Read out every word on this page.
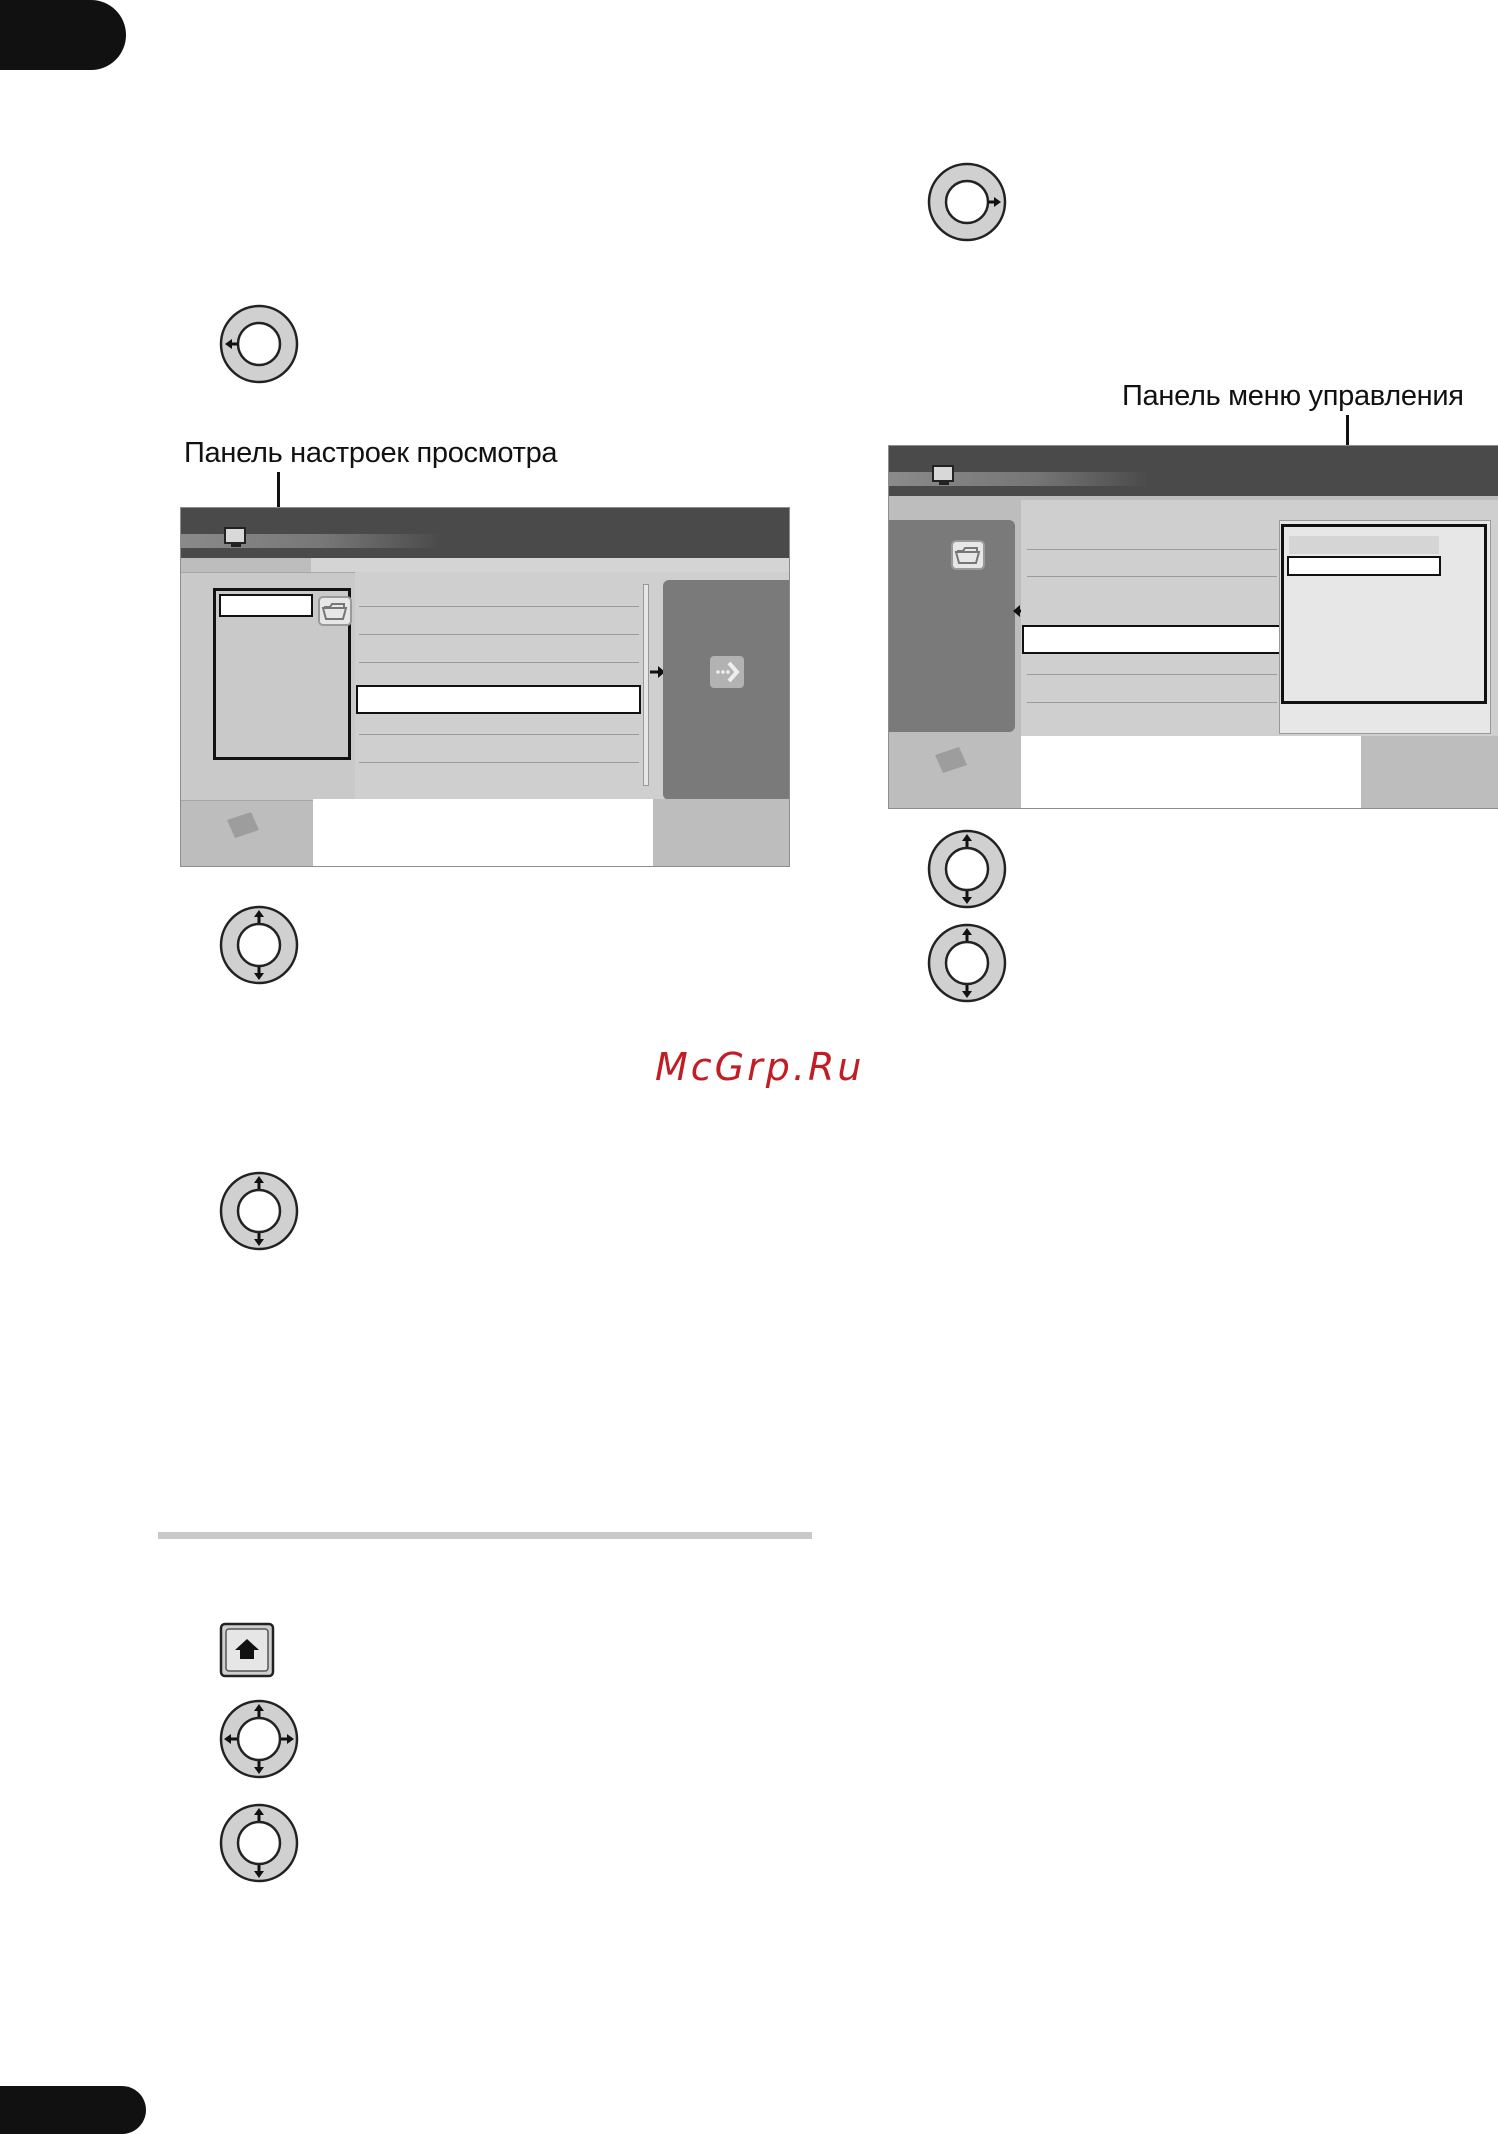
Панель настроек просмотра
McGrp.Ru
Панель меню управления
